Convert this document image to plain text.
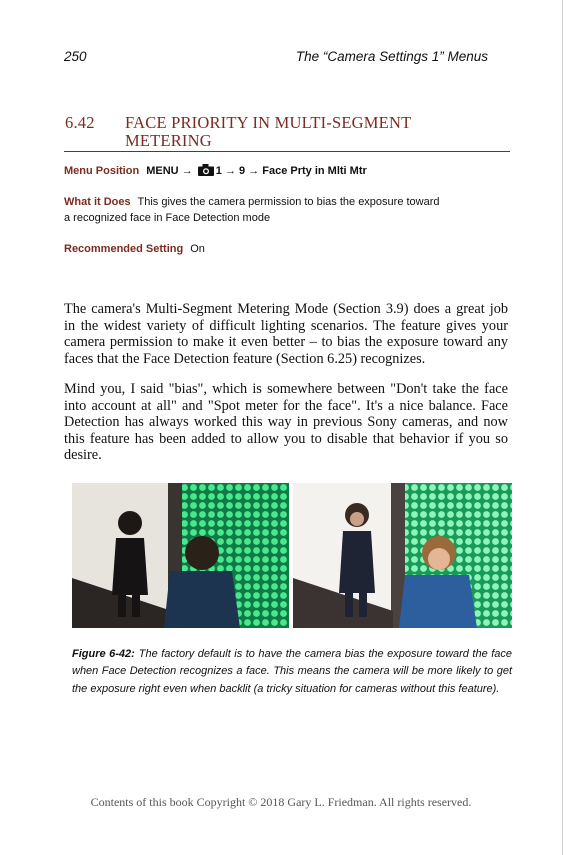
250	The “Camera Settings 1” Menus
6.42 FACE PRIORITY IN MULTI-SEGMENT METERING
Menu Position MENU → 1 → 9 → Face Prty in Mlti Mtr
What it Does This gives the camera permission to bias the exposure toward
a recognized face in Face Detection mode
Recommended Setting On

The camera's Multi-Segment Metering Mode (Section 3.9) does a great job in the widest variety of difficult lighting scenarios. The feature gives your camera permission to make it even better – to bias the exposure toward any faces that the Face Detection feature (Section 6.25) recognizes.

Mind you, I said "bias", which is somewhere between "Don't take the face into account at all" and "Spot meter for the face". It's a nice balance. Face Detection has always worked this way in previous Sony cameras, and now this feature has been added to allow you to disable that behavior if you so desire.

Figure 6-42: The factory default is to have the camera bias the exposure toward the face when Face Detection recognizes a face. This means the camera will be more likely to get the exposure right even when backlit (a tricky situation for cameras without this feature).

Contents of this book Copyright © 2018 Gary L. Friedman. All rights reserved.
